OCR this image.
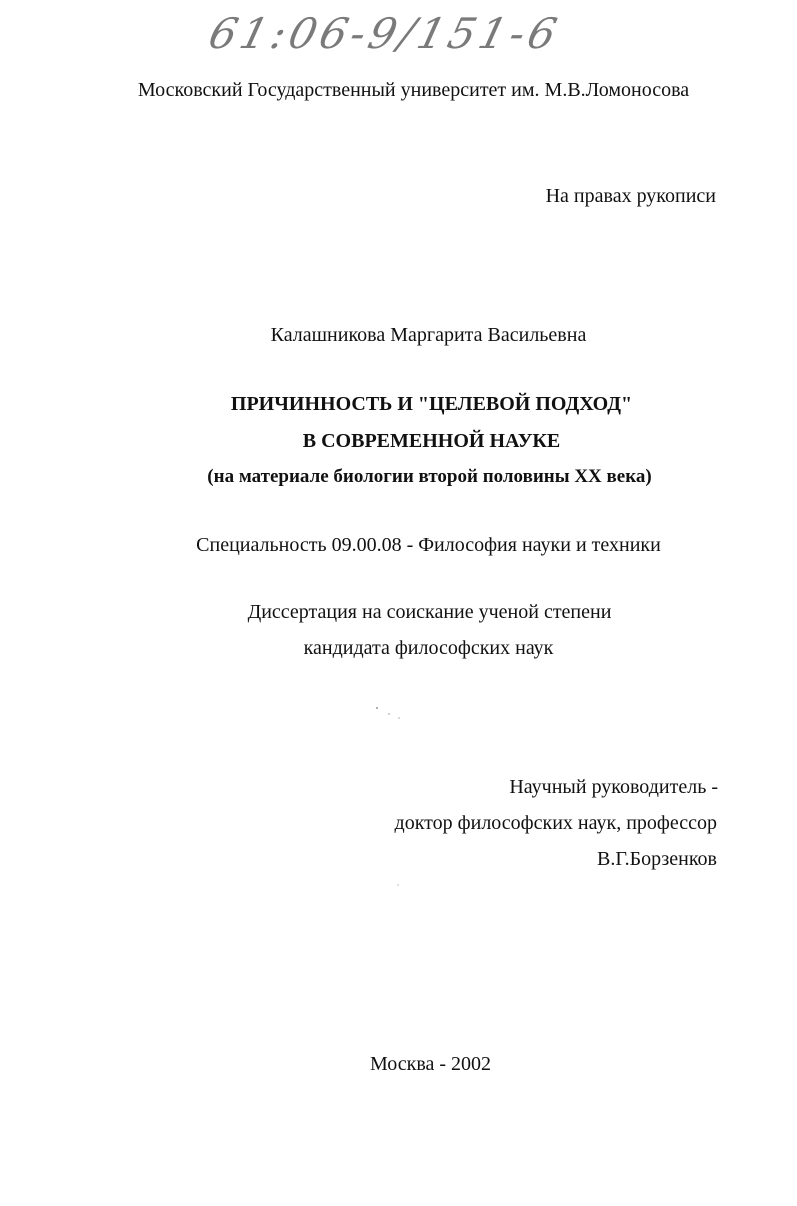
61:06-9/151-6
Московский Государственный университет им. М.В.Ломоносова
На правах рукописи
Калашникова Маргарита Васильевна
ПРИЧИННОСТЬ И "ЦЕЛЕВОЙ ПОДХОД"
В СОВРЕМЕННОЙ НАУКЕ
(на материале биологии второй половины XX века)
Специальность 09.00.08 - Философия науки и техники
Диссертация на соискание ученой степени
кандидата философских наук
Научный руководитель -
доктор философских наук, профессор
В.Г.Борзенков
Москва - 2002
